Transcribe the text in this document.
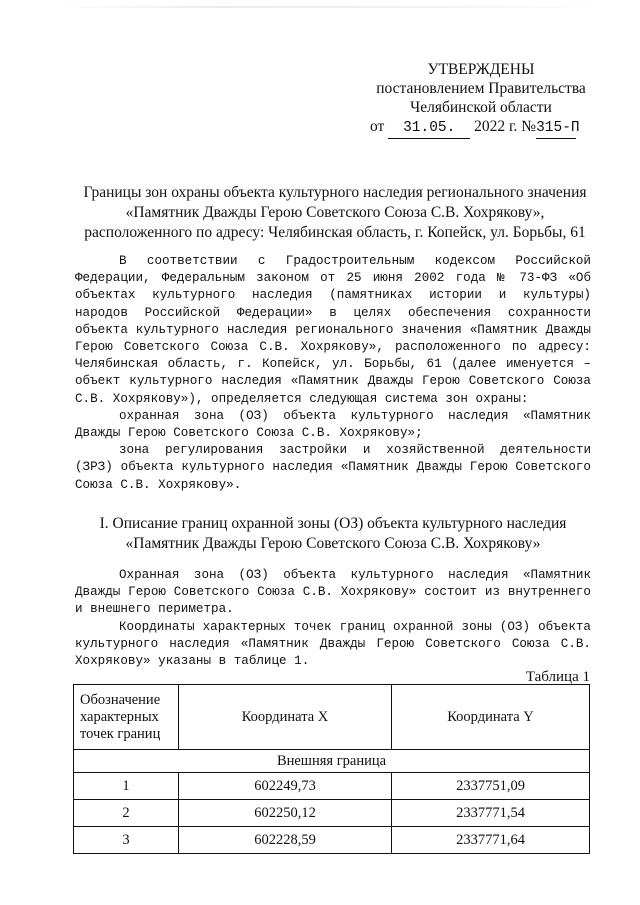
УТВЕРЖДЕНЫ
постановлением Правительства
Челябинской области
от 31.05. 2022 г. №315-П
Границы зон охраны объекта культурного наследия регионального значения
«Памятник Дважды Герою Советского Союза С.В. Хохрякову»,
расположенного по адресу: Челябинская область, г. Копейск, ул. Борьбы, 61

В соответствии с Градостроительным кодексом Российской Федерации, Федеральным законом от 25 июня 2002 года № 73-ФЗ «Об объектах культурного наследия (памятниках истории и культуры) народов Российской Федерации» в целях обеспечения сохранности объекта культурного наследия регионального значения «Памятник Дважды Герою Советского Союза С.В. Хохрякову», расположенного по адресу: Челябинская область, г. Копейск, ул. Борьбы, 61 (далее именуется – объект культурного наследия «Памятник Дважды Герою Советского Союза С.В. Хохрякову»), определяется следующая система зон охраны:

охранная зона (ОЗ) объекта культурного наследия «Памятник Дважды Герою Советского Союза С.В. Хохрякову»;

зона регулирования застройки и хозяйственной деятельности (ЗРЗ) объекта культурного наследия «Памятник Дважды Герою Советского Союза С.В. Хохрякову».

I. Описание границ охранной зоны (ОЗ) объекта культурного наследия
«Памятник Дважды Герою Советского Союза С.В. Хохрякову»

Охранная зона (ОЗ) объекта культурного наследия «Памятник Дважды Герою Советского Союза С.В. Хохрякову» состоит из внутреннего и внешнего периметра.

Координаты характерных точек границ охранной зоны (ОЗ) объекта культурного наследия «Памятник Дважды Герою Советского Союза С.В. Хохрякову» указаны в таблице 1.

Таблица 1
Обозначение характерных точек границ	Координата X	Координата Y
Внешняя граница		
1	602249,73	2337751,09
2	602250,12	2337771,54
3	602228,59	2337771,64
